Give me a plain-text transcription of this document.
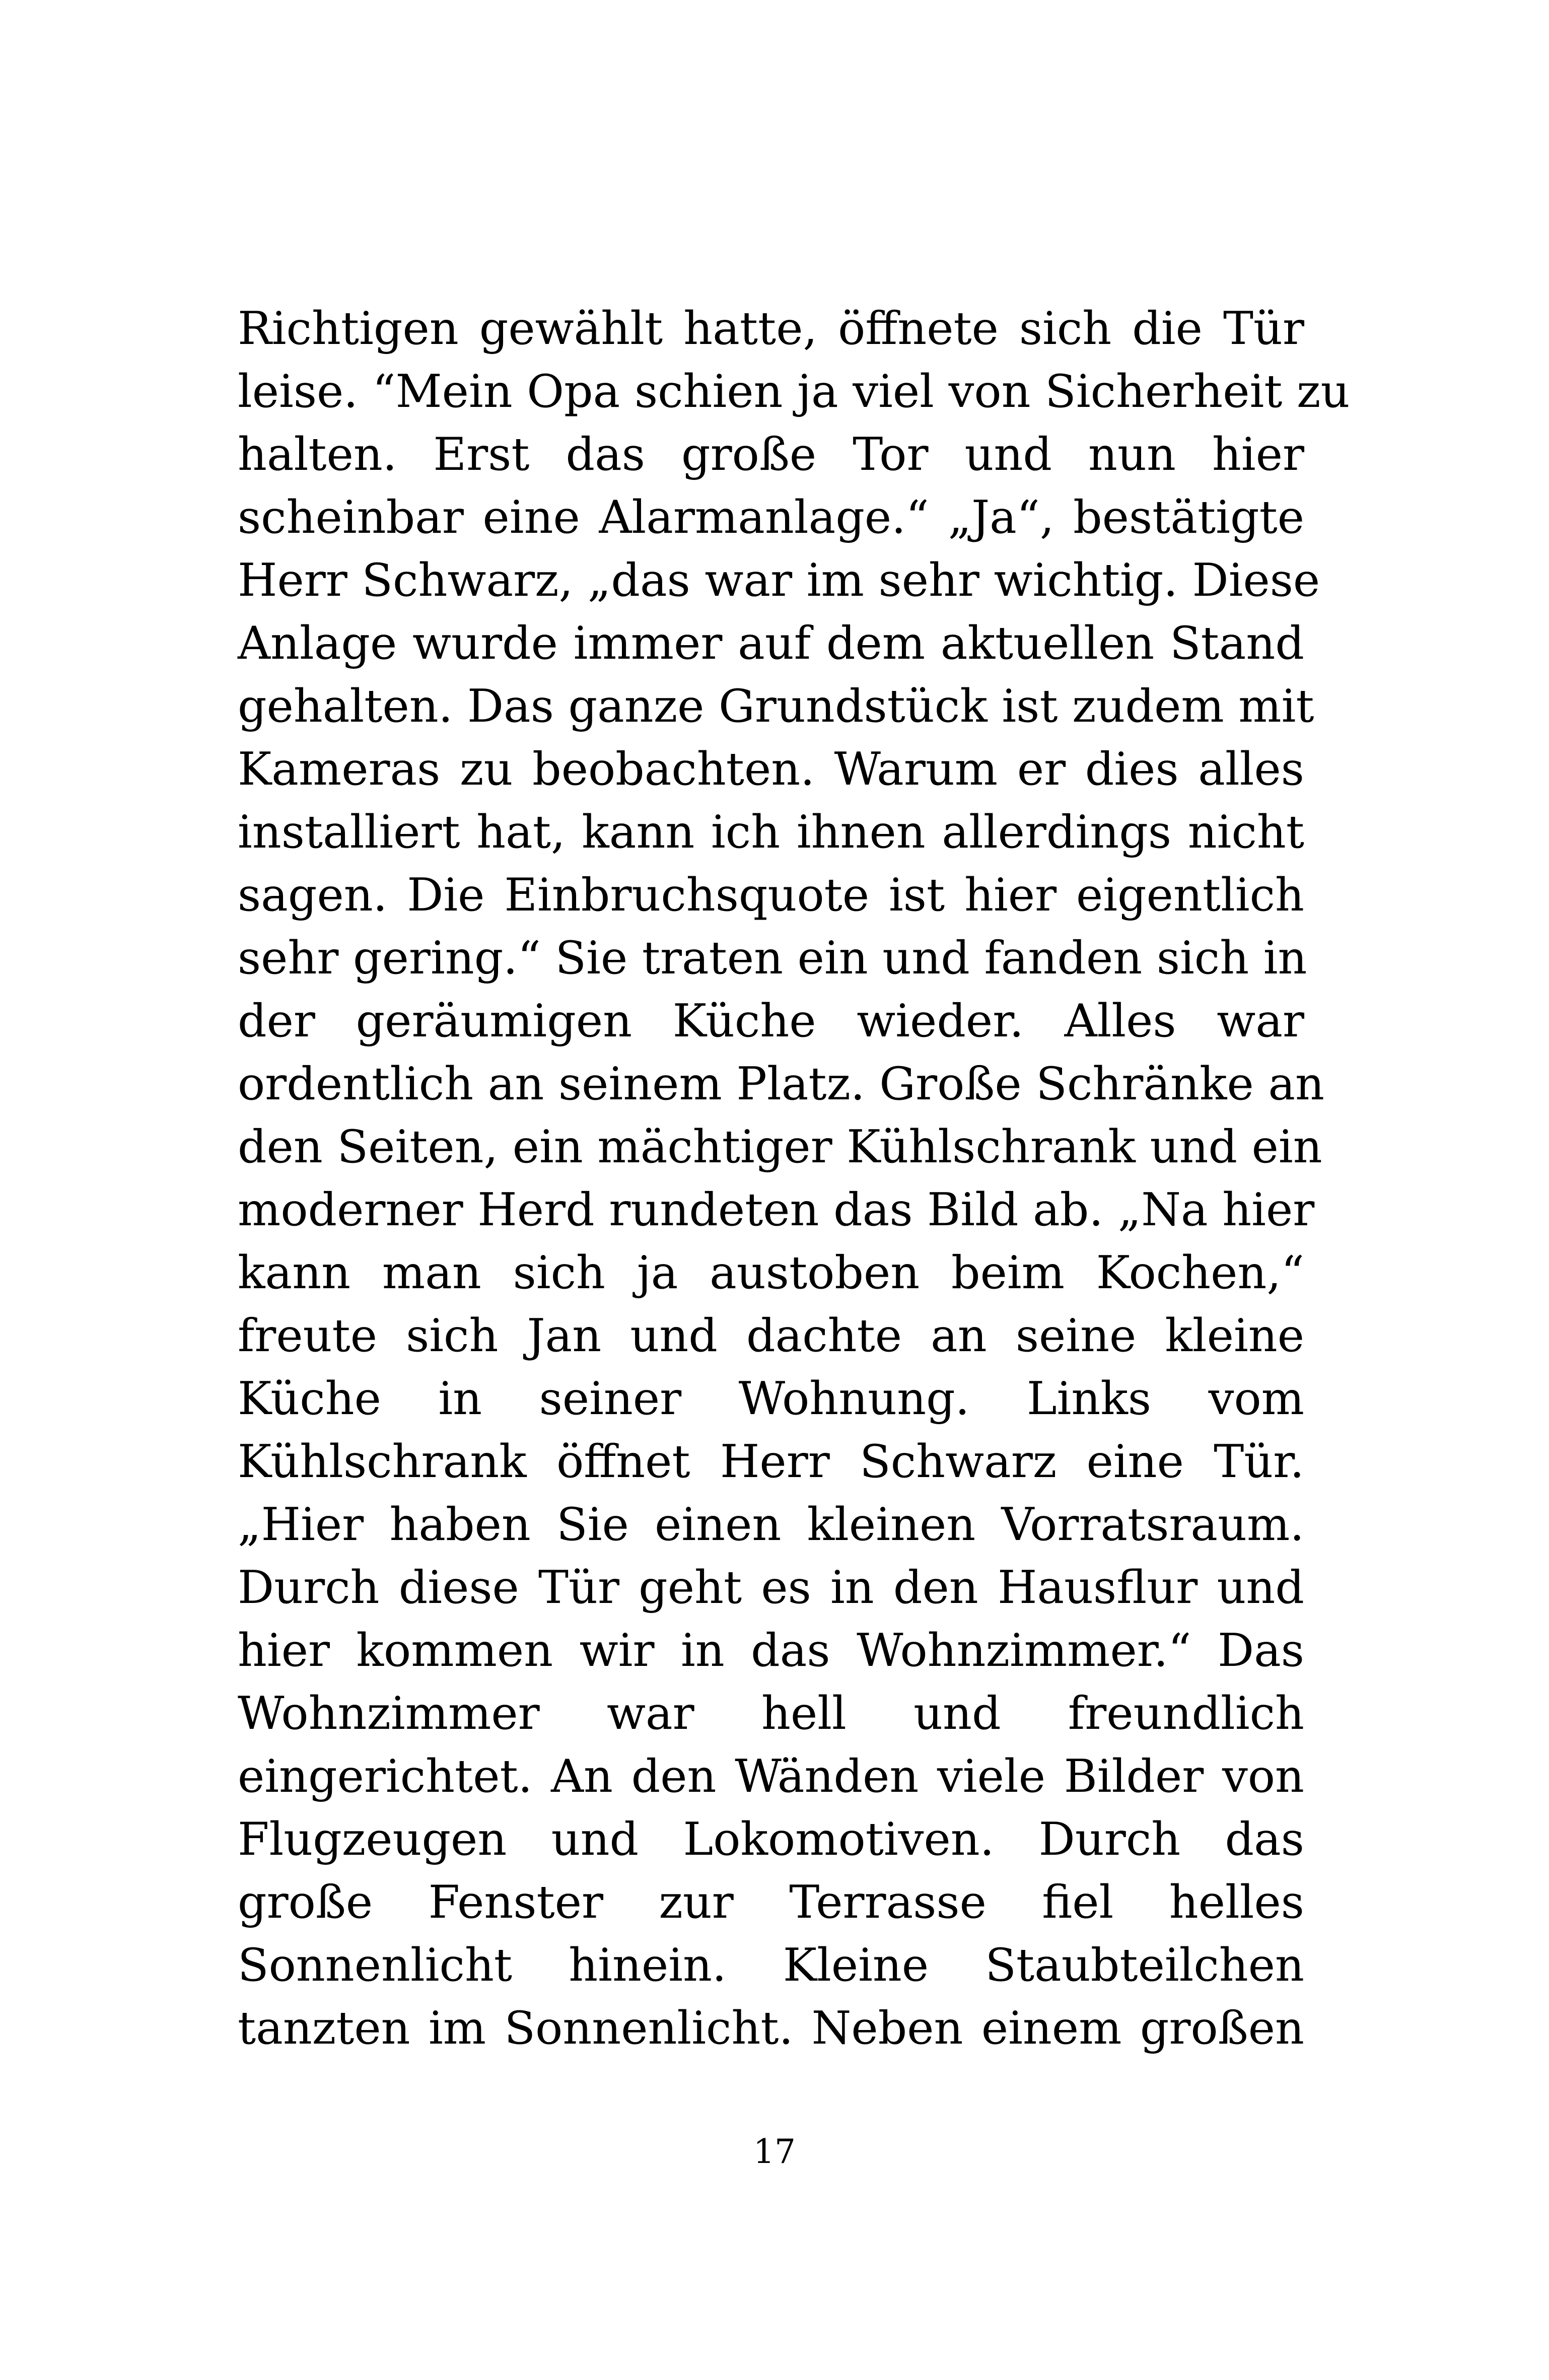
Richtigen gewählt hatte, öffnete sich die Tür
leise. “Mein Opa schien ja viel von Sicherheit zu
halten. Erst das große Tor und nun hier
scheinbar eine Alarmanlage.“ „Ja“, bestätigte
Herr Schwarz, „das war im sehr wichtig. Diese
Anlage wurde immer auf dem aktuellen Stand
gehalten. Das ganze Grundstück ist zudem mit
Kameras zu beobachten. Warum er dies alles
installiert hat, kann ich ihnen allerdings nicht
sagen. Die Einbruchsquote ist hier eigentlich
sehr gering.“ Sie traten ein und fanden sich in
der geräumigen Küche wieder. Alles war
ordentlich an seinem Platz. Große Schränke an
den Seiten, ein mächtiger Kühlschrank und ein
moderner Herd rundeten das Bild ab. „Na hier
kann man sich ja austoben beim Kochen,“
freute sich Jan und dachte an seine kleine
Küche in seiner Wohnung. Links vom
Kühlschrank öffnet Herr Schwarz eine Tür.
„Hier haben Sie einen kleinen Vorratsraum.
Durch diese Tür geht es in den Hausflur und
hier kommen wir in das Wohnzimmer.“ Das
Wohnzimmer war hell und freundlich
eingerichtet. An den Wänden viele Bilder von
Flugzeugen und Lokomotiven. Durch das
große Fenster zur Terrasse fiel helles
Sonnenlicht hinein. Kleine Staubteilchen
tanzten im Sonnenlicht. Neben einem großen
17
